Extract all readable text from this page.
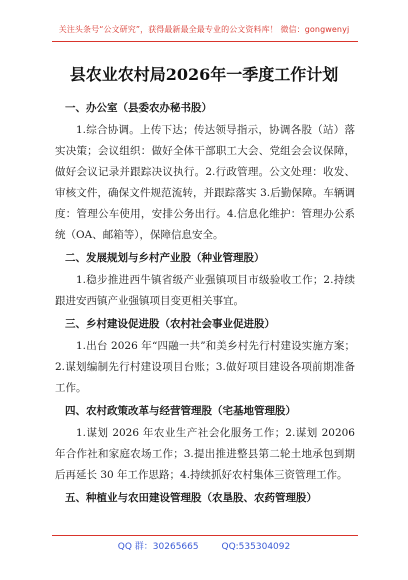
关注头条号“公文研究”，获得最新最全最专业的公文资料库！ 微信：gongwenyj
县农业农村局2026年一季度工作计划

一、办公室（县委农办秘书股）

1.综合协调。上传下达；传达领导指示，协调各股（站）落实决策；会议组织：做好全体干部职工大会、党组会会议保障，做好会议记录并跟踪决议执行。2.行政管理。公文处理：收发、审核文件，确保文件规范流转，并跟踪落实 3.后勤保障。车辆调度：管理公车使用，安排公务出行。4.信息化维护：管理办公系统（OA、邮箱等），保障信息安全。

二、发展规划与乡村产业股（种业管理股）

1.稳步推进西牛镇省级产业强镇项目市级验收工作；2.持续跟进安西镇产业强镇项目变更相关事宜。

三、乡村建设促进股（农村社会事业促进股）

1.出台 2026 年“四融一共”和美乡村先行村建设实施方案；2.谋划编制先行村建设项目台账；3.做好项目建设各项前期准备工作。

四、农村政策改革与经营管理股（宅基地管理股）

1.谋划 2026 年农业生产社会化服务工作；2.谋划 20206 年合作社和家庭农场工作；3.提出推进整县第二轮土地承包到期后再延长 30 年工作思路；4.持续抓好农村集体三资管理工作。

五、种植业与农田建设管理股（农垦股、农药管理股）

QQ 群：30265665	QQ:535304092
